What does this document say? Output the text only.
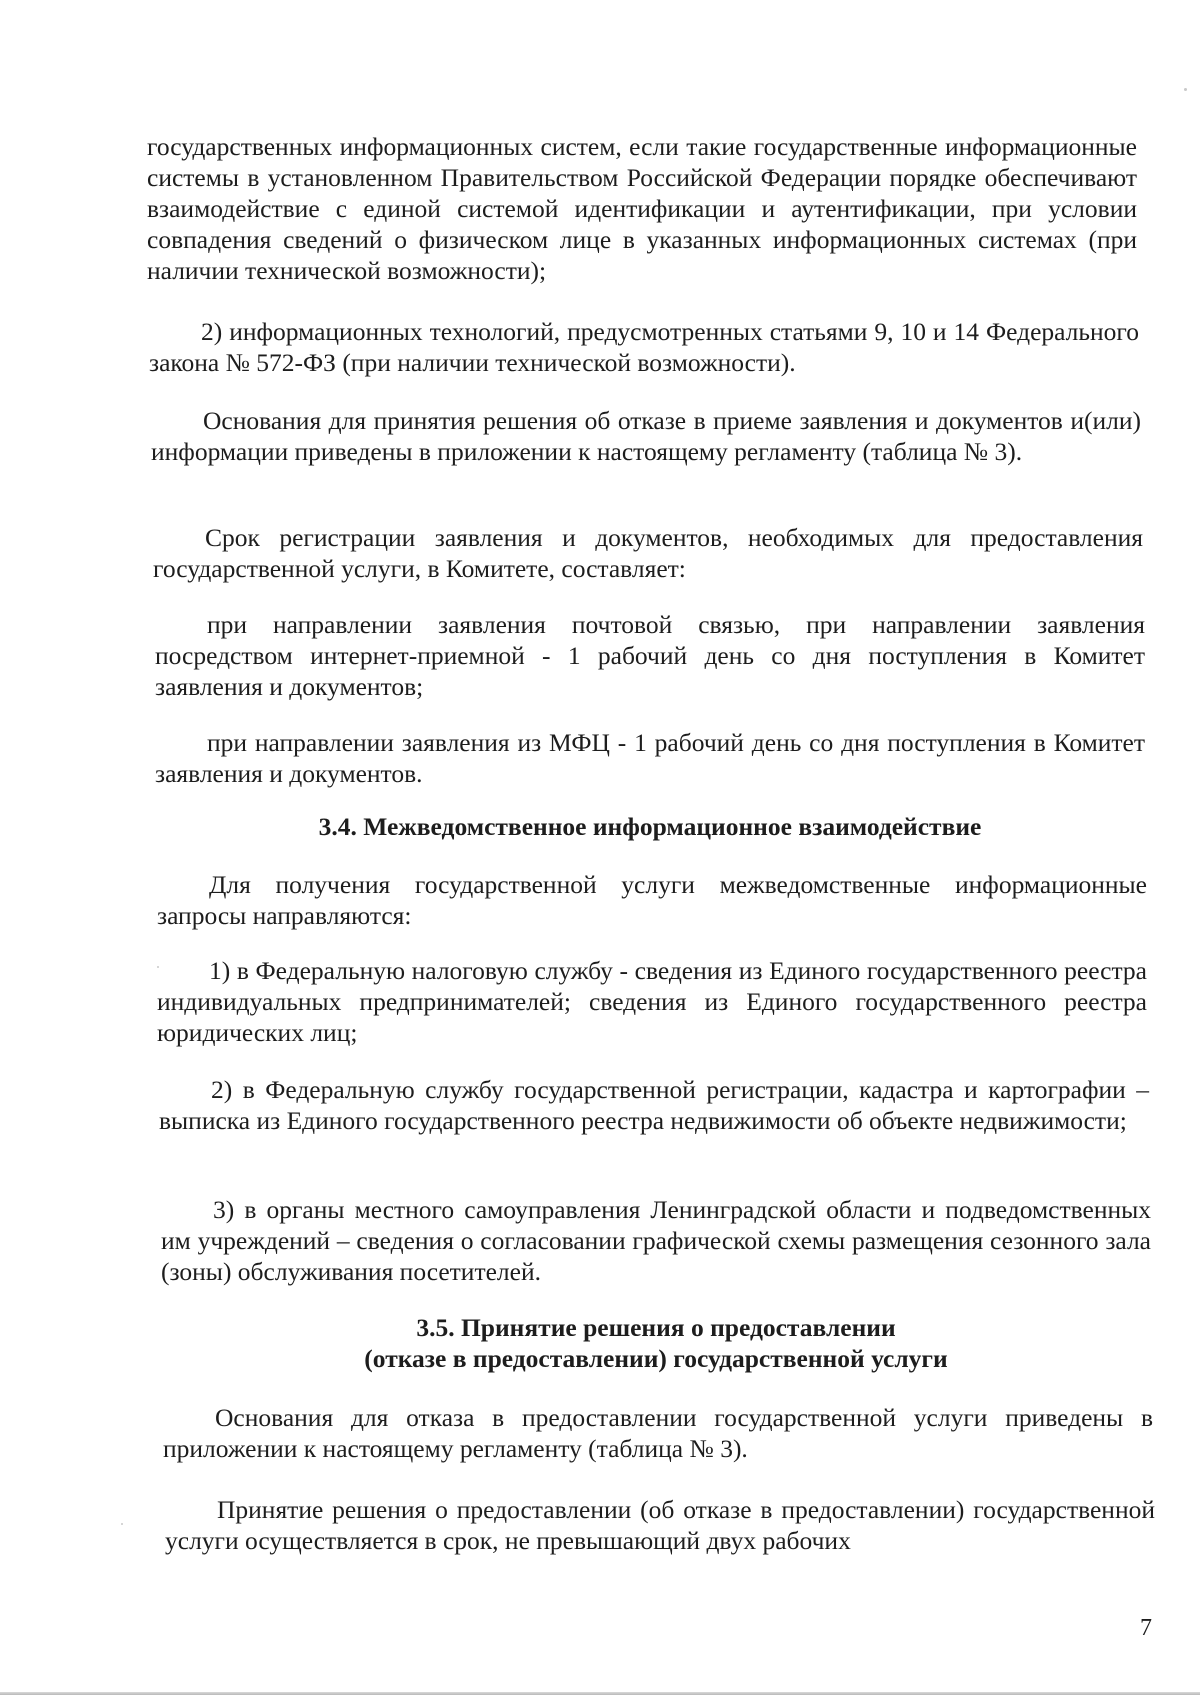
государственных информационных систем, если такие государственные информационные системы в установленном Правительством Российской Федерации порядке обеспечивают взаимодействие с единой системой идентификации и аутентификации, при условии совпадения сведений о физическом лице в указанных информационных системах (при наличии технической возможности);

2) информационных технологий, предусмотренных статьями 9, 10 и 14 Федерального закона № 572-ФЗ (при наличии технической возможности).

Основания для принятия решения об отказе в приеме заявления и документов и(или) информации приведены в приложении к настоящему регламенту (таблица № 3).

Срок регистрации заявления и документов, необходимых для предоставления государственной услуги, в Комитете, составляет:

при направлении заявления почтовой связью, при направлении заявления посредством интернет-приемной - 1 рабочий день со дня поступления в Комитет заявления и документов;

при направлении заявления из МФЦ - 1 рабочий день со дня поступления в Комитет заявления и документов.

3.4. Межведомственное информационное взаимодействие

Для получения государственной услуги межведомственные информационные запросы направляются:

1) в Федеральную налоговую службу - сведения из Единого государственного реестра индивидуальных предпринимателей; сведения из Единого государственного реестра юридических лиц;

2) в Федеральную службу государственной регистрации, кадастра и картографии – выписка из Единого государственного реестра недвижимости об объекте недвижимости;

3) в органы местного самоуправления Ленинградской области и подведомственных им учреждений – сведения о согласовании графической схемы размещения сезонного зала (зоны) обслуживания посетителей.

3.5. Принятие решения о предоставлении
(отказе в предоставлении) государственной услуги

Основания для отказа в предоставлении государственной услуги приведены в приложении к настоящему регламенту (таблица № 3).

Принятие решения о предоставлении (об отказе в предоставлении) государственной услуги осуществляется в срок, не превышающий двух рабочих

7
